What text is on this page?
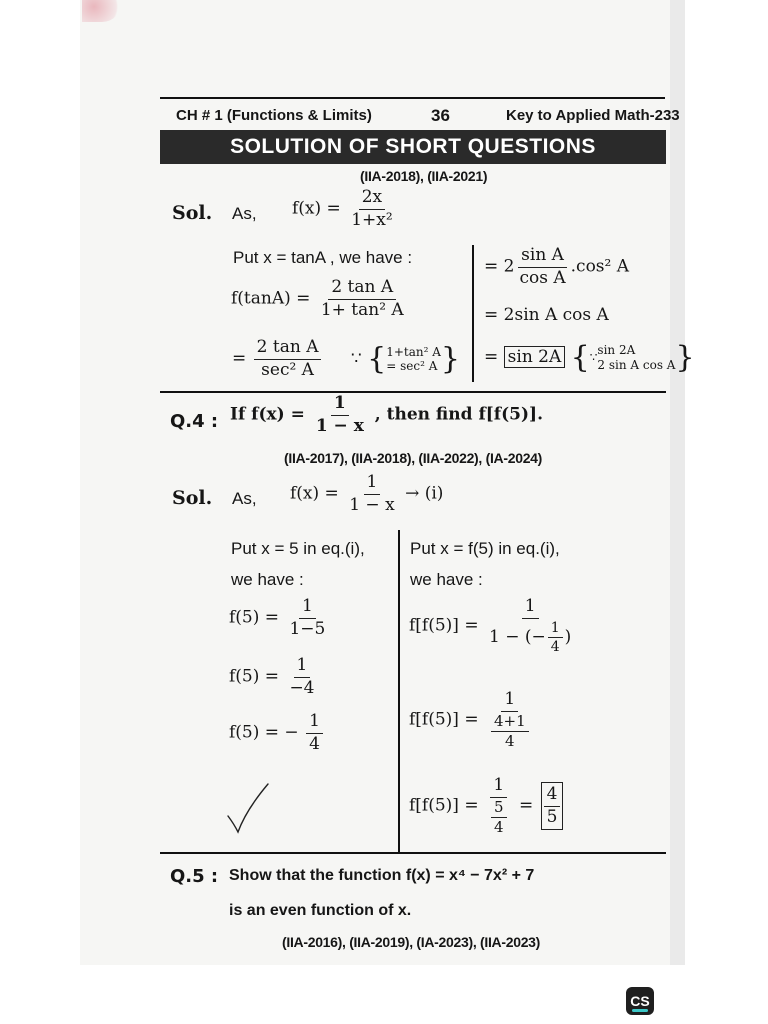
CH # 1 (Functions & Limits)	36	Key to Applied Math-233
SOLUTION OF SHORT QUESTIONS
(IIA-2018), (IIA-2021)
Sol. As, $f(x) = \frac{2x}{\text{1+x²}}$
Put x = tanA , we have :
$f(\tan A) = \frac{\text{2 tan A}}{\text{1+ tan² A}}$
= $\frac{\text{2 tan A}}{\text{sec² A}}$ ∵ { 1+tan² A
= sec² A }
= $2 \frac{\text{sin A}}{\text{cos A}} .\cos^2$ A
= 2sin A cos A
= sin 2A {∵
sin 2A
2 sin A cos A }
Q.4 : If $f(x) = \frac{1}{1 - x}$ , then find f[f(5)].
(IIA-2017), (IIA-2018), (IIA-2022), (IA-2024)
Sol. As, $f(x) = \frac{1}{1 - x} \to (i)$
Put x = 5 in eq.(i),
we have :
$f(5) = \frac{1}{1-5}$
$f(5) = \frac{1}{-4}$
f(5) = − $\frac{1}{4}$
Put x = f(5) in eq.(i),
we have :
$f[f(5)] = \frac{1}{1 - (- \frac{1}{4} )}$
$f[f(5)] = \frac{1}{\frac{4+1}{4}}$
$f[f(5)] = \frac{1}{\frac{5}{4}} = \frac{4}{5}$
Q.5 : Show that the function f(x) = x⁴ − 7x² + 7
is an even function of x.
(IIA-2016), (IIA-2019), (IA-2023), (IIA-2023)
CS
